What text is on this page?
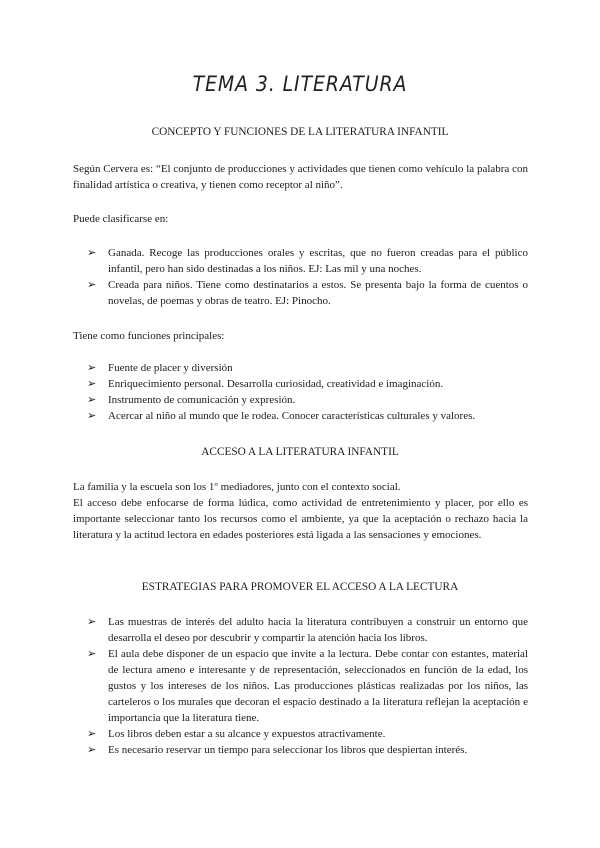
TEMA 3. LITERATURA
CONCEPTO Y FUNCIONES DE LA LITERATURA INFANTIL
Según Cervera es: “El conjunto de producciones y actividades que tienen como vehículo la palabra con finalidad artística o creativa, y tienen como receptor al niño”.
Puede clasificarse en:
➢ Ganada. Recoge las producciones orales y escritas, que no fueron creadas para el público infantil, pero han sido destinadas a los niños. EJ: Las mil y una noches.
➢ Creada para niños. Tiene como destinatarios a estos. Se presenta bajo la forma de cuentos o novelas, de poemas y obras de teatro. EJ: Pinocho.
Tiene como funciones principales:
➢ Fuente de placer y diversión
➢ Enriquecimiento personal. Desarrolla curiosidad, creatividad e imaginación.
➢ Instrumento de comunicación y expresión.
➢ Acercar al niño al mundo que le rodea. Conocer características culturales y valores.
ACCESO A LA LITERATURA INFANTIL
La familia y la escuela son los 1º mediadores, junto con el contexto social.
El acceso debe enfocarse de forma lúdica, como actividad de entretenimiento y placer, por ello es importante seleccionar tanto los recursos como el ambiente, ya que la aceptación o rechazo hacia la literatura y la actitud lectora en edades posteriores está ligada a las sensaciones y emociones.
ESTRATEGIAS PARA PROMOVER EL ACCESO A LA LECTURA
➢ Las muestras de interés del adulto hacia la literatura contribuyen a construir un entorno que desarrolla el deseo por descubrir y compartir la atención hacia los libros.
➢ El aula debe disponer de un espacio que invite a la lectura. Debe contar con estantes, material de lectura ameno e interesante y de representación, seleccionados en función de la edad, los gustos y los intereses de los niños. Las producciones plásticas realizadas por los niños, las carteleros o los murales que decoran el espacio destinado a la literatura reflejan la aceptación e importancia que la literatura tiene.
➢ Los libros deben estar a su alcance y expuestos atractivamente.
➢ Es necesario reservar un tiempo para seleccionar los libros que despiertan interés.
